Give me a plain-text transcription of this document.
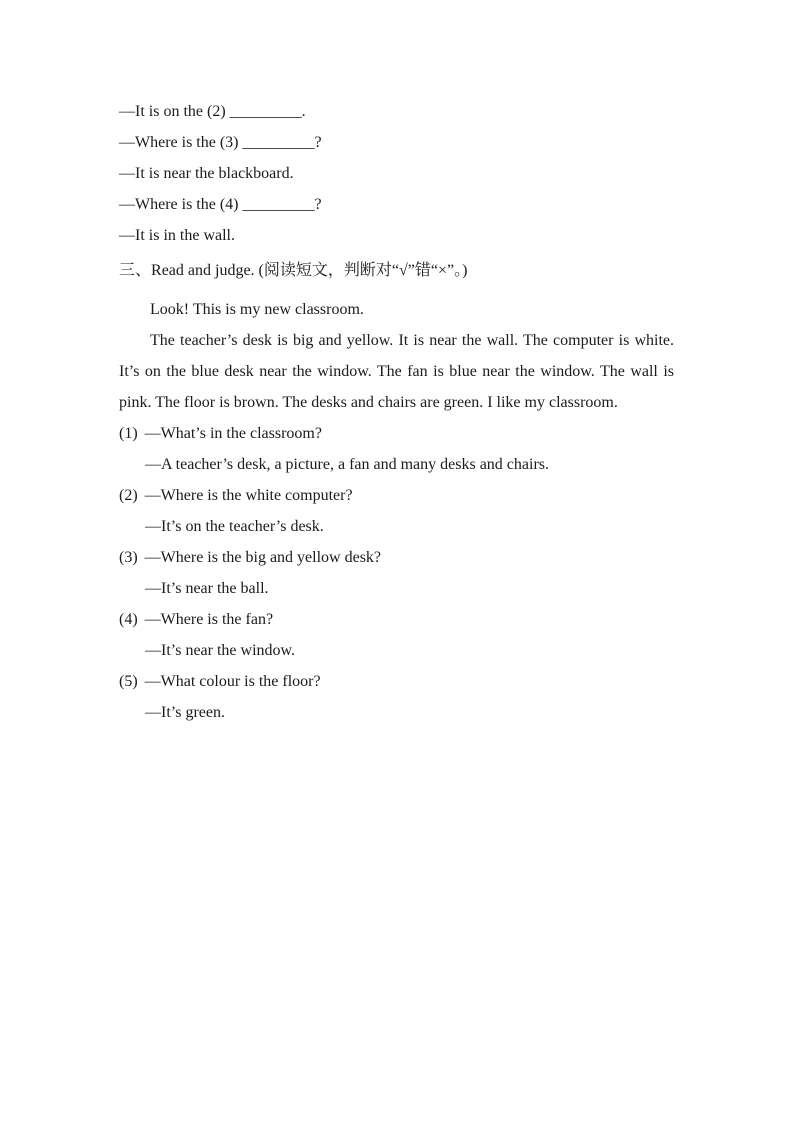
—It is on the (2) _________.
—Where is the (3) _________?
—It is near the blackboard.
—Where is the (4) _________?
—It is in the wall.
三、Read and judge. (阅读短文，判断对“√”错“×”。)

Look! This is my new classroom.

The teacher’s desk is big and yellow. It is near the wall. The computer is white. It’s on the blue desk near the window. The fan is blue near the window. The wall is pink. The floor is brown. The desks and chairs are green. I like my classroom.

(1) —What’s in the classroom?
—A teacher’s desk, a picture, a fan and many desks and chairs.
(2) —Where is the white computer?
—It’s on the teacher’s desk.
(3) —Where is the big and yellow desk?
—It’s near the ball.
(4) —Where is the fan?
—It’s near the window.
(5) —What colour is the floor?
—It’s green.
